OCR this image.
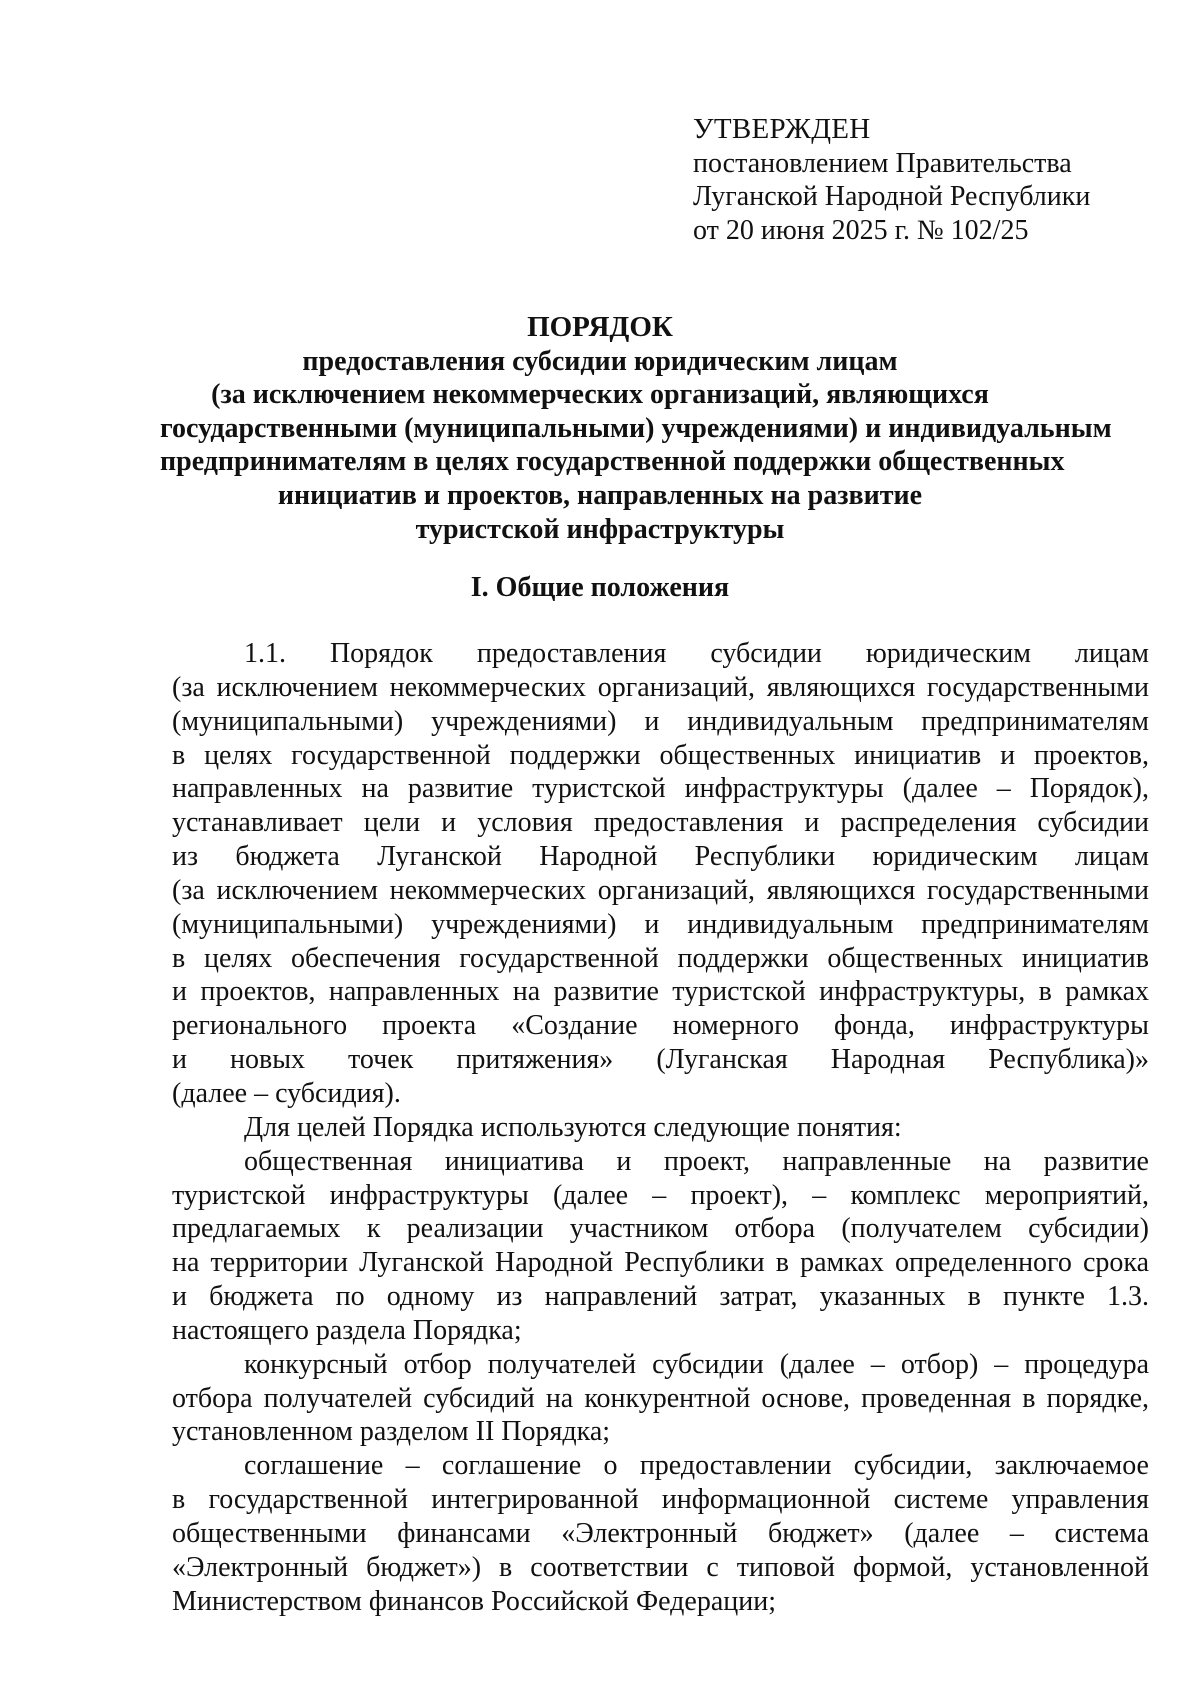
УТВЕРЖДЕН
постановлением Правительства
Луганской Народной Республики
от 20 июня 2025 г. № 102/25
ПОРЯДОК
предоставления субсидии юридическим лицам
(за исключением некоммерческих организаций, являющихся
государственными (муниципальными) учреждениями) и индивидуальным
предпринимателям в целях государственной поддержки общественных
инициатив и проектов, направленных на развитие
туристской инфраструктуры
I. Общие положения
1.1. Порядок предоставления субсидии юридическим лицам
(за исключением некоммерческих организаций, являющихся государственными
(муниципальными) учреждениями) и индивидуальным предпринимателям
в целях государственной поддержки общественных инициатив и проектов,
направленных на развитие туристской инфраструктуры (далее – Порядок),
устанавливает цели и условия предоставления и распределения субсидии
из бюджета Луганской Народной Республики юридическим лицам
(за исключением некоммерческих организаций, являющихся государственными
(муниципальными) учреждениями) и индивидуальным предпринимателям
в целях обеспечения государственной поддержки общественных инициатив
и проектов, направленных на развитие туристской инфраструктуры, в рамках
регионального проекта «Создание номерного фонда, инфраструктуры
и новых точек притяжения» (Луганская Народная Республика)»
(далее – субсидия).
Для целей Порядка используются следующие понятия:
общественная инициатива и проект, направленные на развитие
туристской инфраструктуры (далее – проект), – комплекс мероприятий,
предлагаемых к реализации участником отбора (получателем субсидии)
на территории Луганской Народной Республики в рамках определенного срока
и бюджета по одному из направлений затрат, указанных в пункте 1.3.
настоящего раздела Порядка;
конкурсный отбор получателей субсидии (далее – отбор) – процедура
отбора получателей субсидий на конкурентной основе, проведенная в порядке,
установленном разделом II Порядка;
соглашение – соглашение о предоставлении субсидии, заключаемое
в государственной интегрированной информационной системе управления
общественными финансами «Электронный бюджет» (далее – система
«Электронный бюджет») в соответствии с типовой формой, установленной
Министерством финансов Российской Федерации;
